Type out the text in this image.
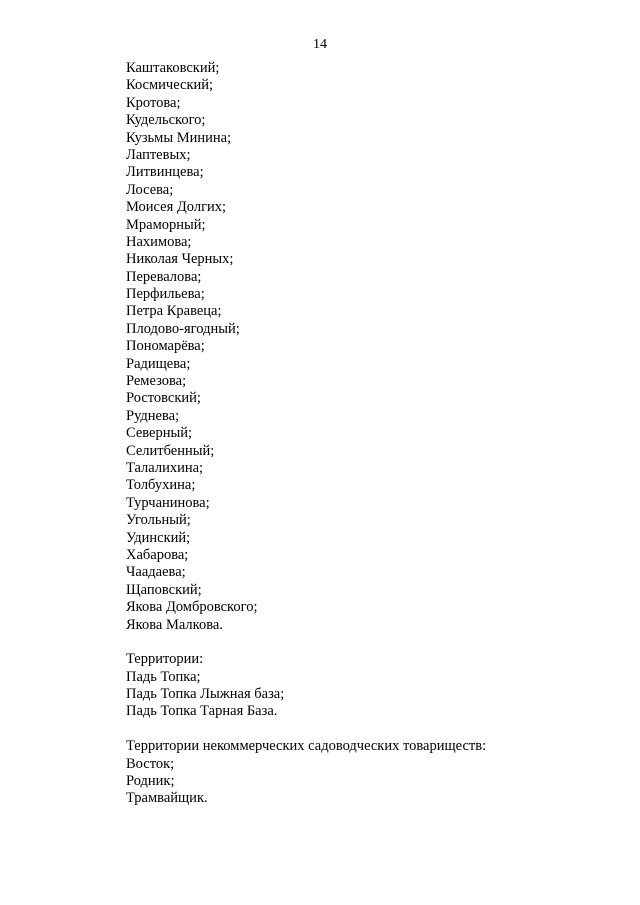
14
Каштаковский;
Космический;
Кротова;
Кудельского;
Кузьмы Минина;
Лаптевых;
Литвинцева;
Лосева;
Моисея Долгих;
Мраморный;
Нахимова;
Николая Черных;
Перевалова;
Перфильева;
Петра Кравеца;
Плодово-ягодный;
Пономарёва;
Радищева;
Ремезова;
Ростовский;
Руднева;
Северный;
Селитбенный;
Талалихина;
Толбухина;
Турчанинова;
Угольный;
Удинский;
Хабарова;
Чаадаева;
Щаповский;
Якова Домбровского;
Якова Малкова.
Территории:
Падь Топка;
Падь Топка Лыжная база;
Падь Топка Тарная База.
Территории некоммерческих садоводческих товариществ:
Восток;
Родник;
Трамвайщик.
